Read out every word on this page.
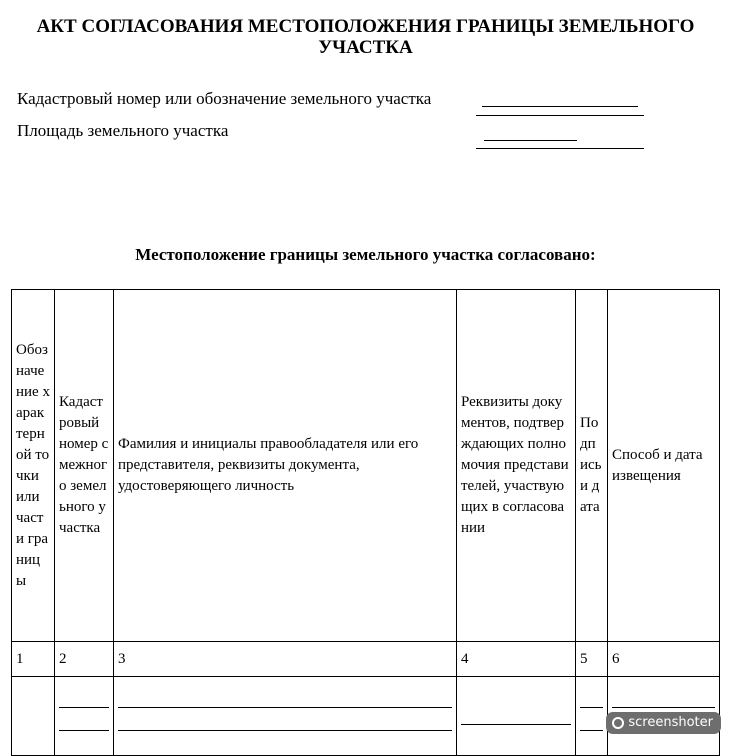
АКТ СОГЛАСОВАНИЯ МЕСТОПОЛОЖЕНИЯ ГРАНИЦЫ ЗЕМЕЛЬНОГО
УЧАСТКА
Кадастровый номер или обозначение земельного участка
Площадь земельного участка
Местоположение границы земельного участка согласовано:
Обозначение характерной точки или части границы	Кадастровый номер смежного земельного участка	Фамилия и инициалы правообладателя или его представителя, реквизиты документа, удостоверяющего личность	Реквизиты документов, подтверждающих полномочия представителей, участвующих в согласовании	Подпись и дата	Способ и дата извещения
1	2	3	4	5	6

screenshoter
